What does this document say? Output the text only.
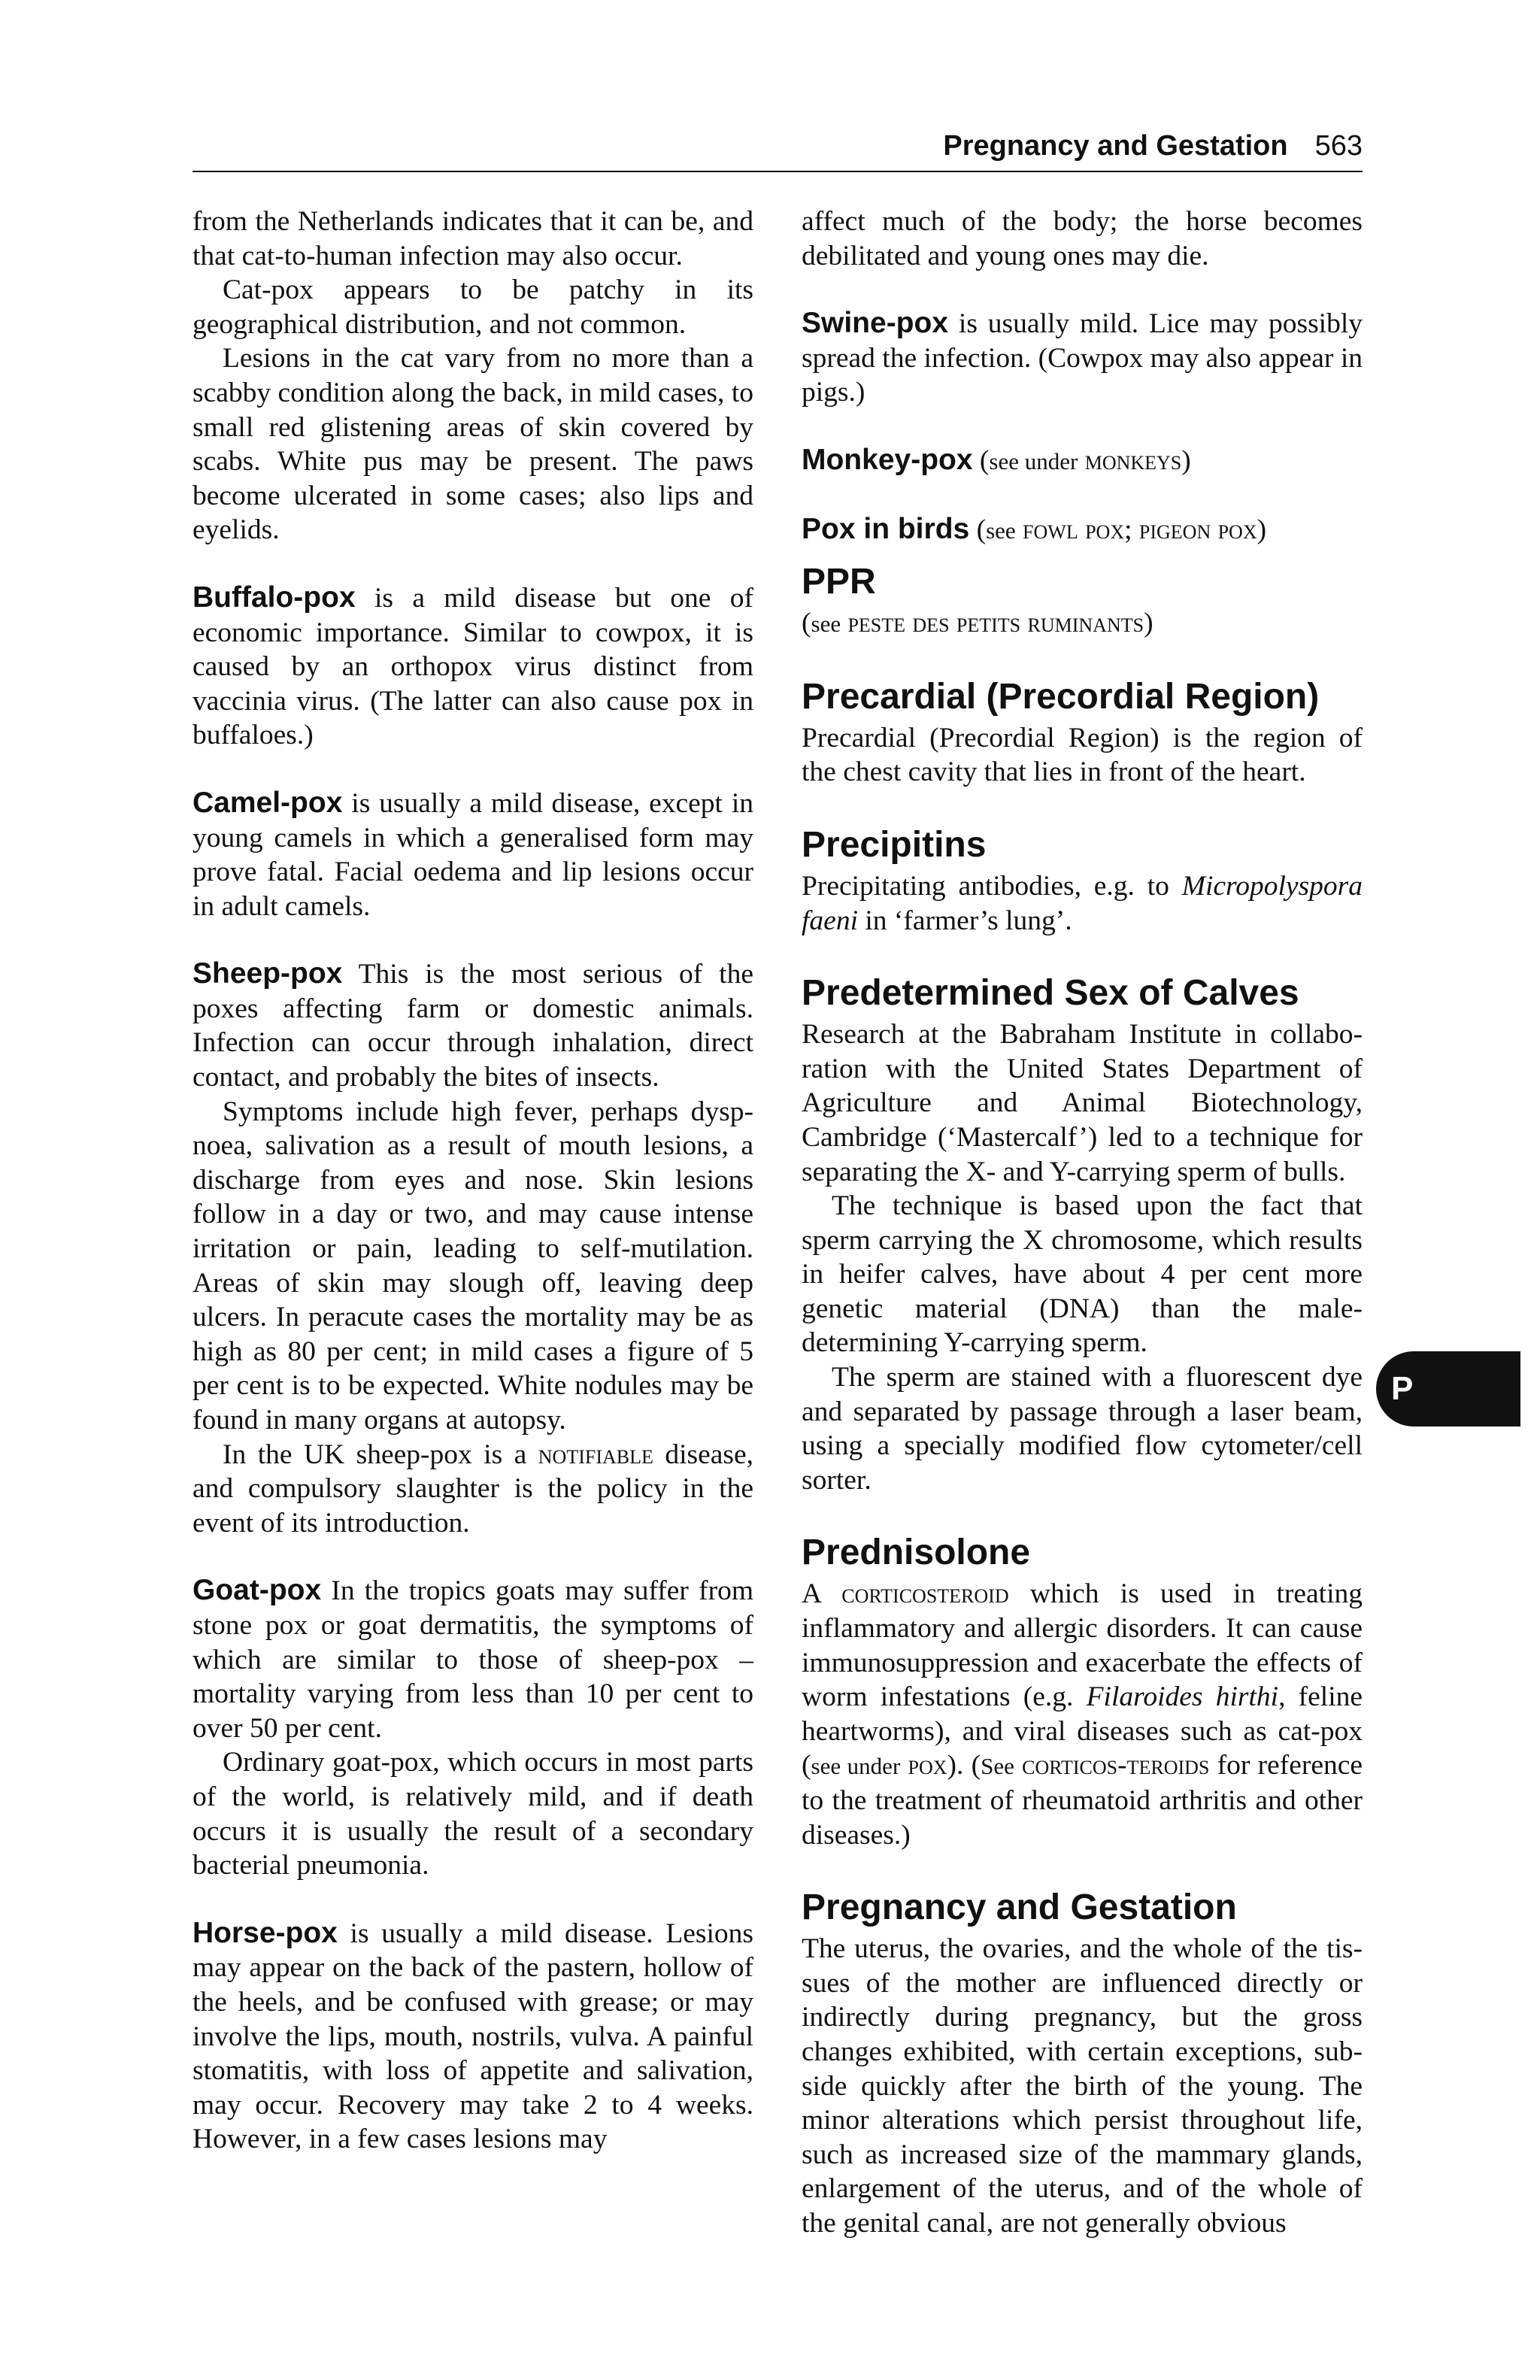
Pregnancy and Gestation 563

from the Netherlands indicates that it can be, and that cat-to-human infection may also occur.

Cat-pox appears to be patchy in its geographical distribution, and not common.

Lesions in the cat vary from no more than a scabby condition along the back, in mild cases, to small red glistening areas of skin covered by scabs. White pus may be present. The paws become ulcerated in some cases; also lips and eyelids.

Buffalo-pox is a mild disease but one of economic importance. Similar to cowpox, it is caused by an orthopox virus distinct from vaccinia virus. (The latter can also cause pox in buffaloes.)

Camel-pox is usually a mild disease, except in young camels in which a generalised form may prove fatal. Facial oedema and lip lesions occur in adult camels.

Sheep-pox This is the most serious of the poxes affecting farm or domestic animals. Infection can occur through inhalation, direct contact, and probably the bites of insects.

Symptoms include high fever, perhaps dysp-noea, salivation as a result of mouth lesions, a discharge from eyes and nose. Skin lesions follow in a day or two, and may cause intense irritation or pain, leading to self-mutilation. Areas of skin may slough off, leaving deep ulcers. In peracute cases the mortality may be as high as 80 per cent; in mild cases a figure of 5 per cent is to be expected. White nodules may be found in many organs at autopsy.

In the UK sheep-pox is a notifiable disease, and compulsory slaughter is the policy in the event of its introduction.

Goat-pox In the tropics goats may suffer from stone pox or goat dermatitis, the symptoms of which are similar to those of sheep-pox – mortality varying from less than 10 per cent to over 50 per cent.

Ordinary goat-pox, which occurs in most parts of the world, is relatively mild, and if death occurs it is usually the result of a secondary bacterial pneumonia.

Horse-pox is usually a mild disease. Lesions may appear on the back of the pastern, hollow of the heels, and be confused with grease; or may involve the lips, mouth, nostrils, vulva. A painful stomatitis, with loss of appetite and salivation, may occur. Recovery may take 2 to 4 weeks. However, in a few cases lesions may

affect much of the body; the horse becomes debilitated and young ones may die.

Swine-pox is usually mild. Lice may possibly spread the infection. (Cowpox may also appear in pigs.)

Monkey-pox (see under monkeys)

Pox in birds (see fowl pox; pigeon pox)

PPR

(see peste des petits ruminants)

Precardial (Precordial Region)

Precardial (Precordial Region) is the region of the chest cavity that lies in front of the heart.

Precipitins

Precipitating antibodies, e.g. to Micropolyspora faeni in ‘farmer’s lung’.

Predetermined Sex of Calves

Research at the Babraham Institute in collabo-ration with the United States Department of Agriculture and Animal Biotechnology, Cambridge (‘Mastercalf’) led to a technique for separating the X- and Y-carrying sperm of bulls.

The technique is based upon the fact that sperm carrying the X chromosome, which results in heifer calves, have about 4 per cent more genetic material (DNA) than the male-determining Y-carrying sperm.

The sperm are stained with a fluorescent dye and separated by passage through a laser beam, using a specially modified flow cytometer/cell sorter.

Prednisolone

A corticosteroid which is used in treating inflammatory and allergic disorders. It can cause immunosuppression and exacerbate the effects of worm infestations (e.g. Filaroides hirthi, feline heartworms), and viral diseases such as cat-pox (see under pox). (See corticos-teroids for reference to the treatment of rheumatoid arthritis and other diseases.)

Pregnancy and Gestation

The uterus, the ovaries, and the whole of the tis-sues of the mother are influenced directly or indirectly during pregnancy, but the gross changes exhibited, with certain exceptions, sub-side quickly after the birth of the young. The minor alterations which persist throughout life, such as increased size of the mammary glands, enlargement of the uterus, and of the whole of the genital canal, are not generally obvious

P
